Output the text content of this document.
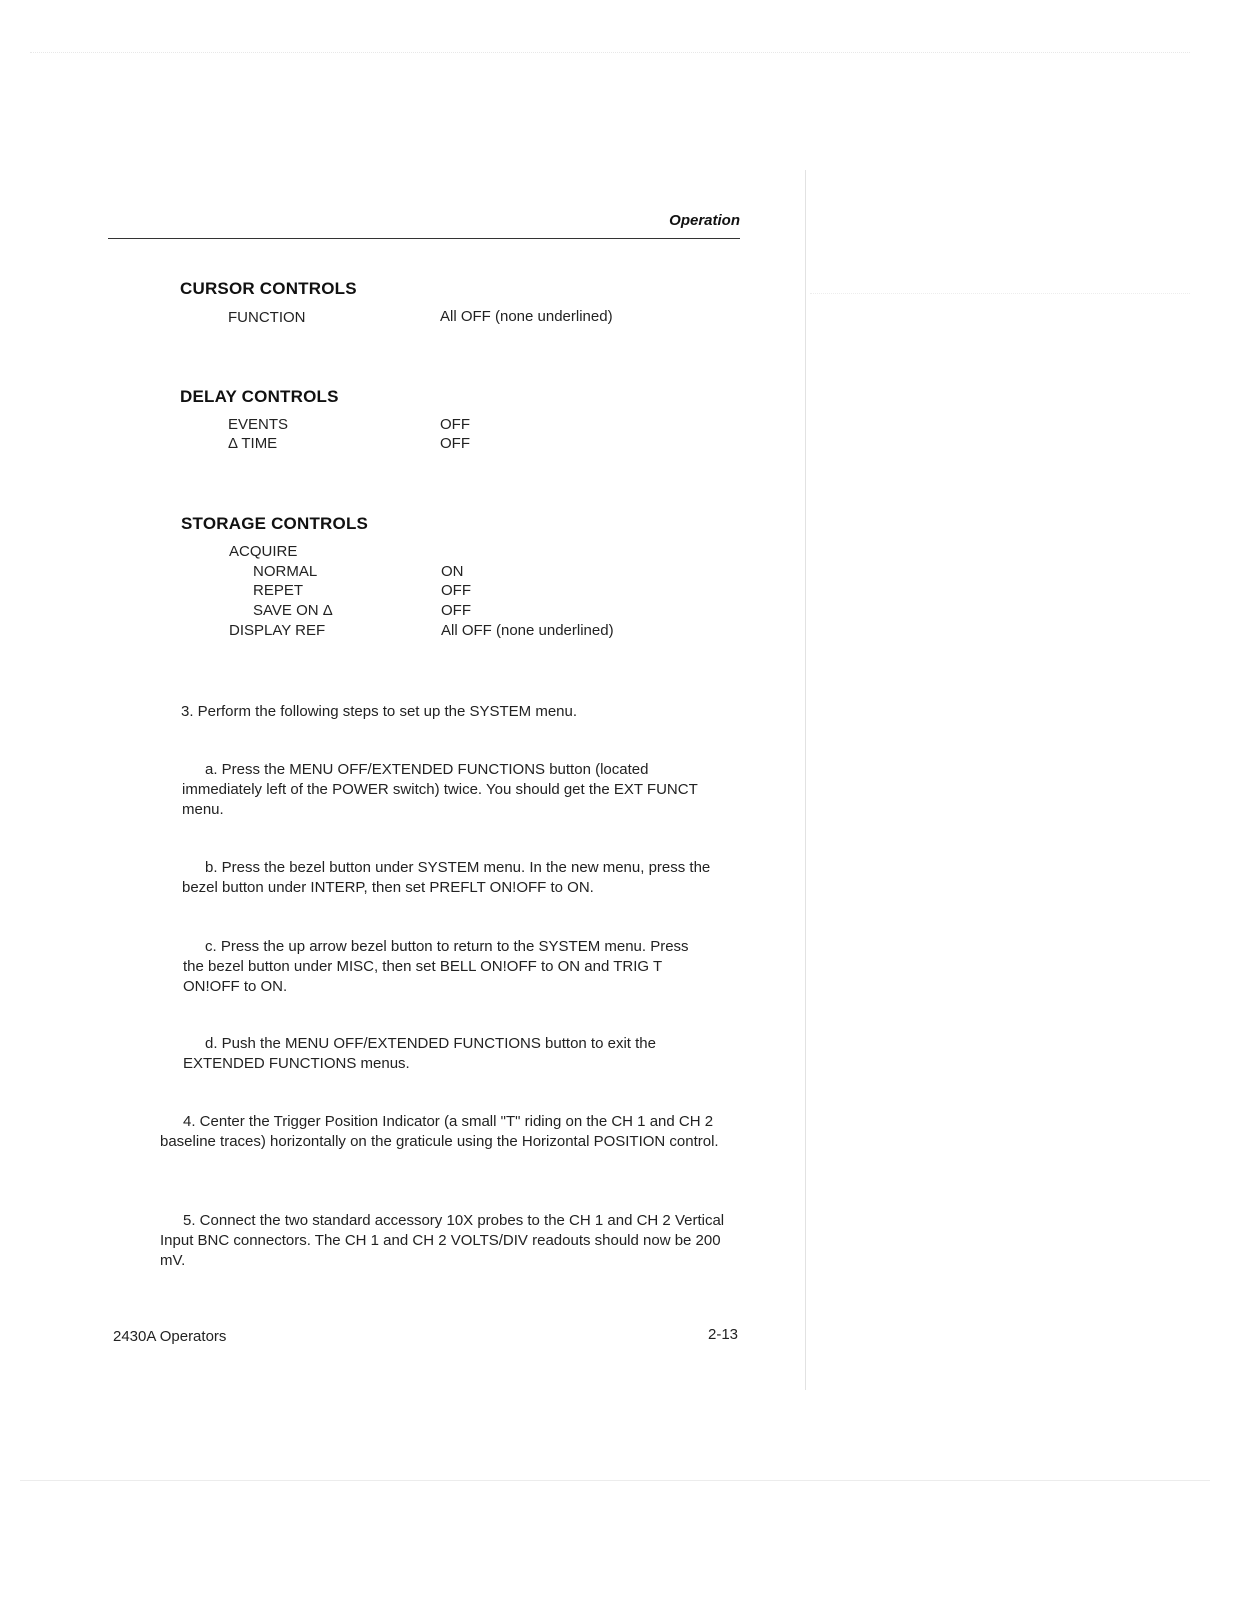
Operation
CURSOR CONTROLS
FUNCTION	All OFF (none underlined)
DELAY CONTROLS
EVENTS	OFF
Δ TIME	OFF
STORAGE CONTROLS
ACQUIRE
NORMAL	ON
REPET	OFF
SAVE ON Δ	OFF
DISPLAY REF	All OFF (none underlined)
3. Perform the following steps to set up the SYSTEM menu.
a. Press the MENU OFF/EXTENDED FUNCTIONS button (located immediately left of the POWER switch) twice. You should get the EXT FUNCT menu.
b. Press the bezel button under SYSTEM menu. In the new menu, press the bezel button under INTERP, then set PREFLT ON!OFF to ON.
c. Press the up arrow bezel button to return to the SYSTEM menu. Press the bezel button under MISC, then set BELL ON!OFF to ON and TRIG T ON!OFF to ON.
d. Push the MENU OFF/EXTENDED FUNCTIONS button to exit the EXTENDED FUNCTIONS menus.
4. Center the Trigger Position Indicator (a small "T" riding on the CH 1 and CH 2 baseline traces) horizontally on the graticule using the Horizontal POSITION control.
5. Connect the two standard accessory 10X probes to the CH 1 and CH 2 Vertical Input BNC connectors. The CH 1 and CH 2 VOLTS/DIV readouts should now be 200 mV.
2430A Operators	2-13
